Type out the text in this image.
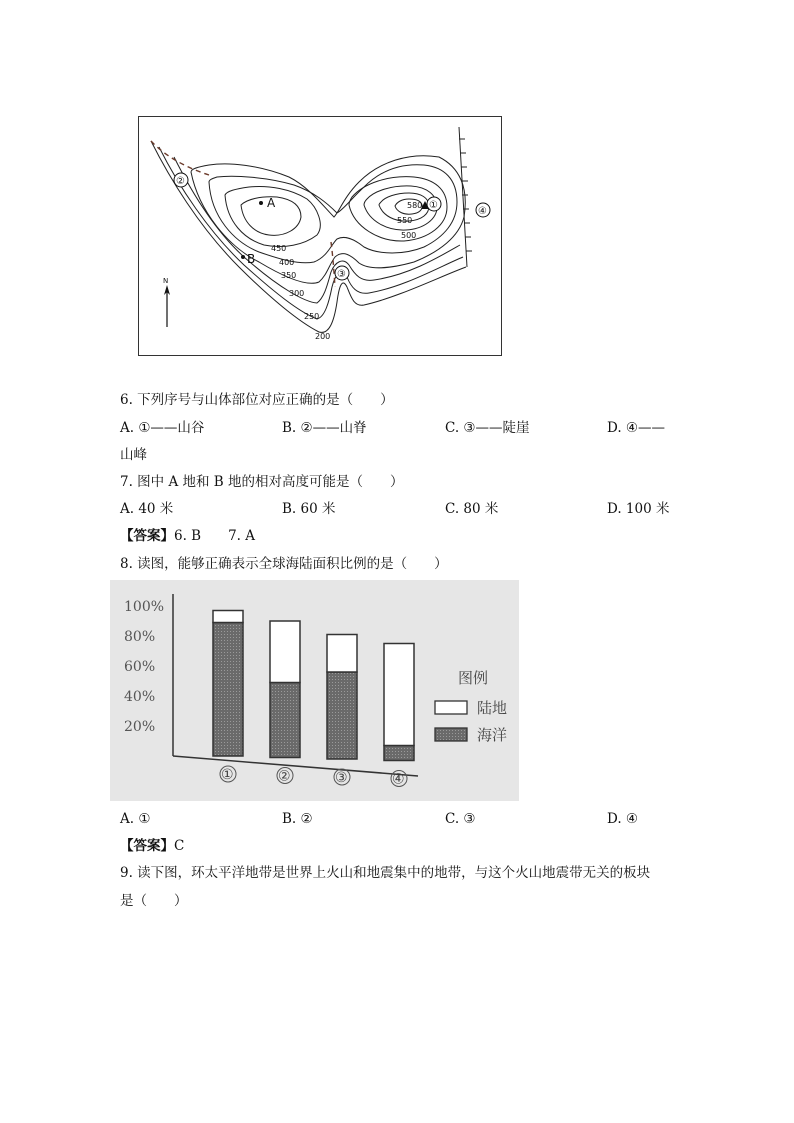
A
B
①
②
③
④
N
200
250
300
350
400
450
500
550
580
6. 下列序号与山体部位对应正确的是（　　）
A. ①——山谷	B. ②——山脊	C. ③——陡崖	D. ④——
山峰
7. 图中 A 地和 B 地的相对高度可能是（　　）
A. 40 米	B. 60 米	C. 80 米	D. 100 米
【答案】6. B　　7. A
8. 读图，能够正确表示全球海陆面积比例的是（　　）
20%
40%
60%
80%
100%
①	②	③	④
图例
陆地
海洋
A. ①	B. ②	C. ③	D. ④
【答案】C
9. 读下图，环太平洋地带是世界上火山和地震集中的地带，与这个火山地震带无关的板块
是（　　）
